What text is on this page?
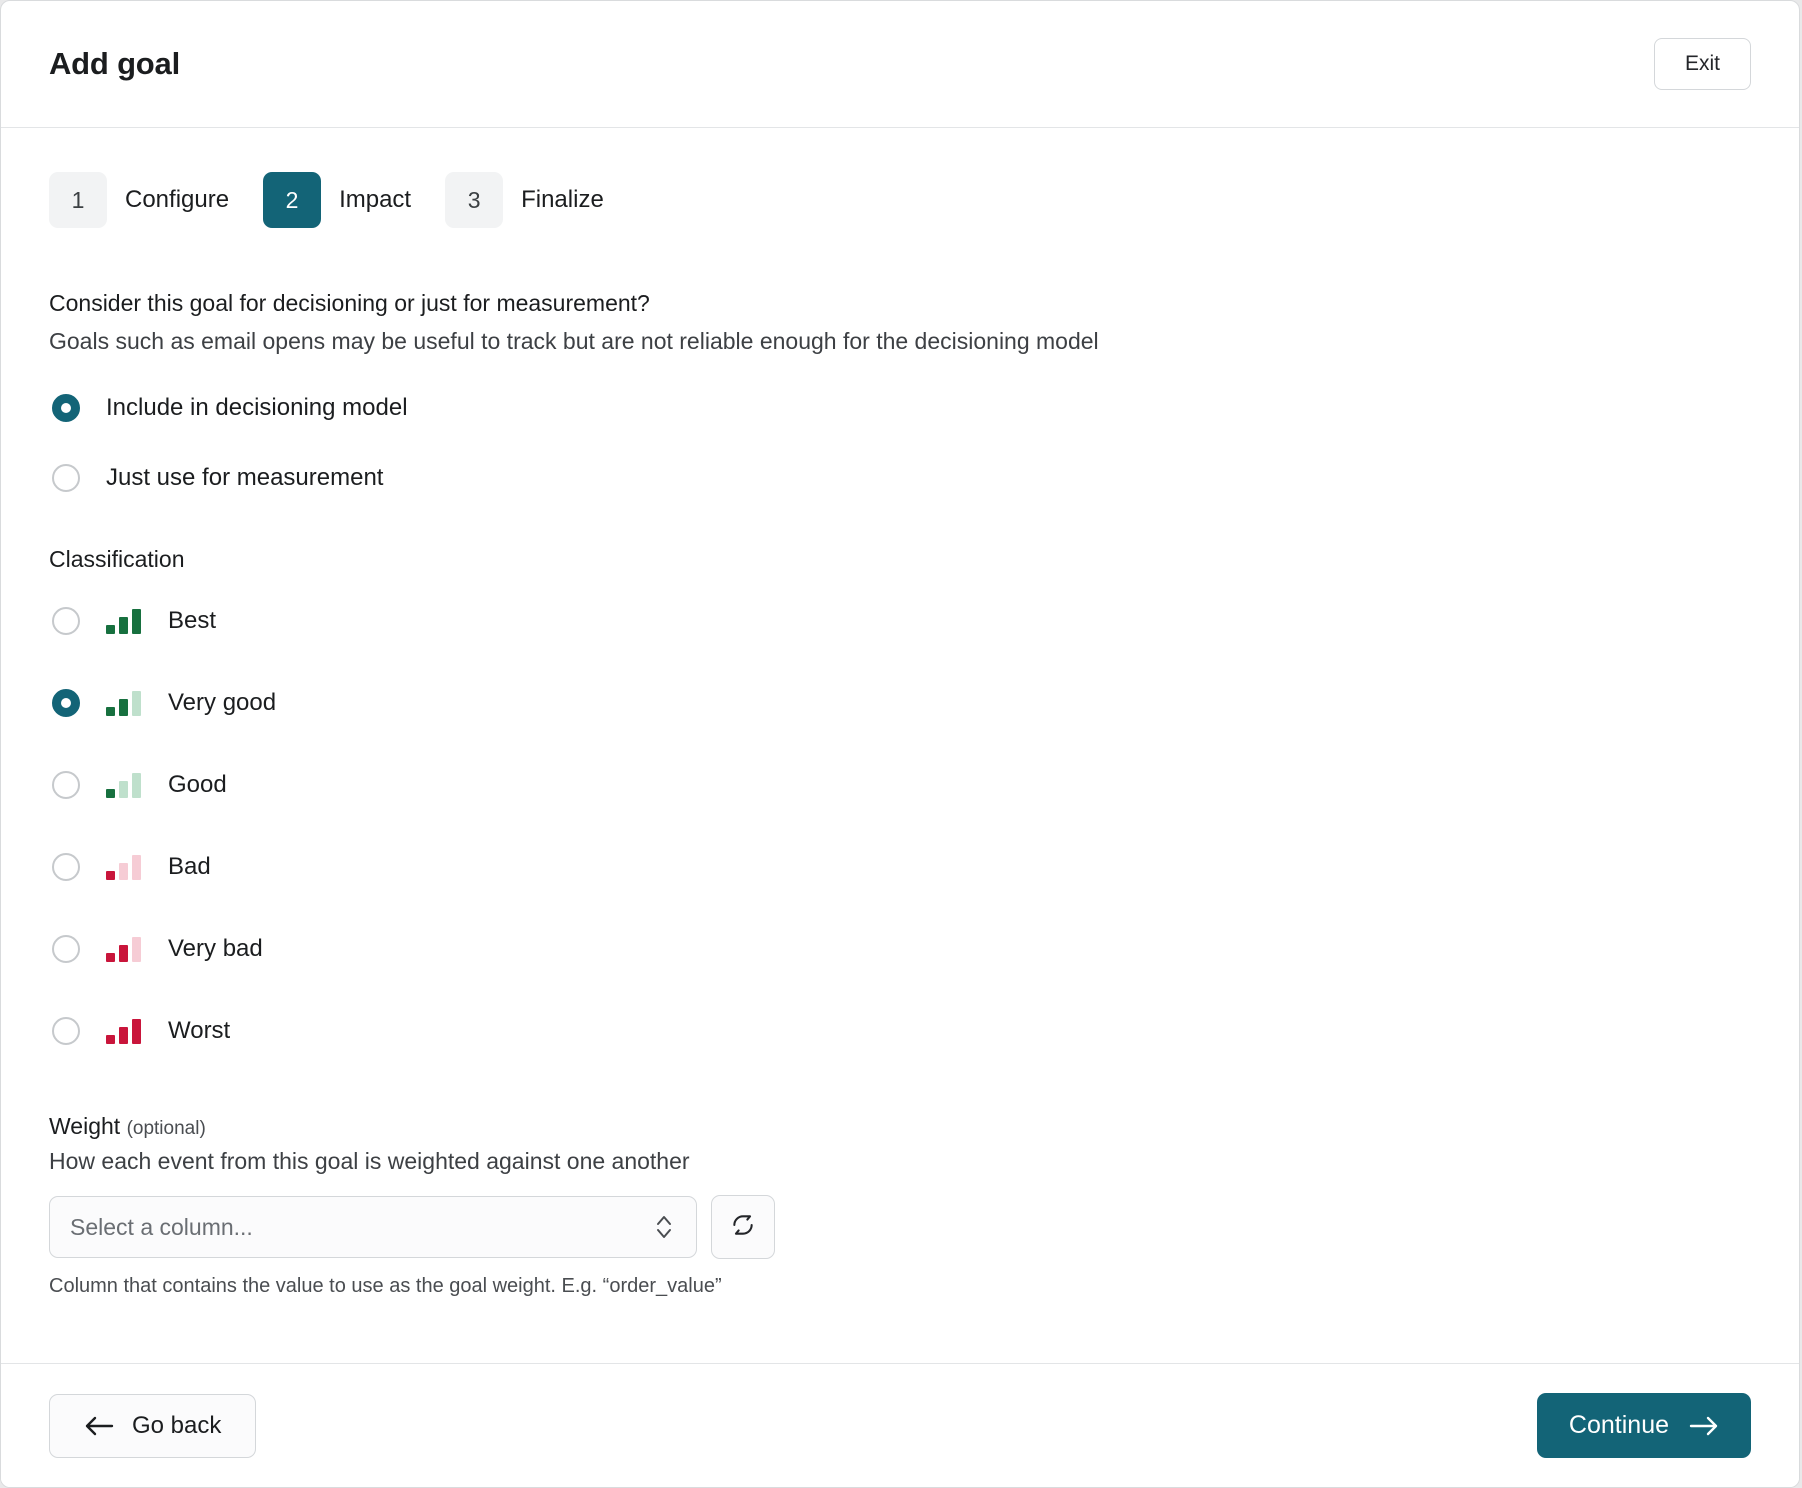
Add goal	Exit
1	Configure	2	Impact	3	Finalize
Consider this goal for decisioning or just for measurement?
Goals such as email opens may be useful to track but are not reliable enough for the decisioning model
Include in decisioning model
Just use for measurement
Classification
Best
Very good
Good
Bad
Very bad
Worst
Weight (optional)
How each event from this goal is weighted against one another
Select a column...
Column that contains the value to use as the goal weight. E.g. “order_value”
Go back	Continue
